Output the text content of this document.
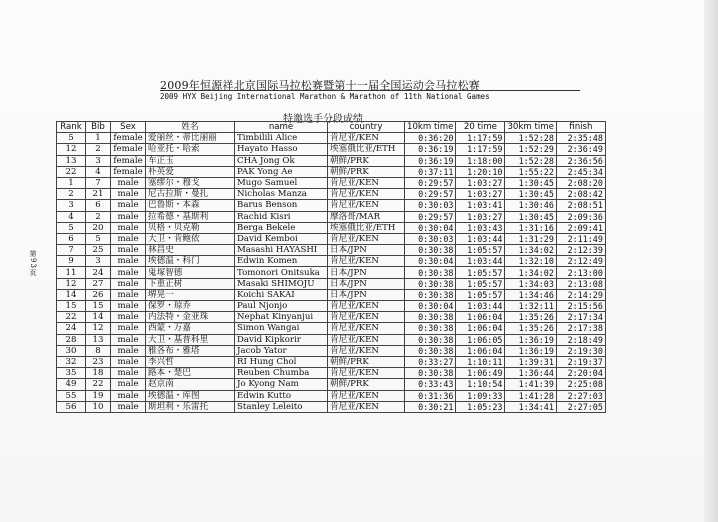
2009年恒源祥北京国际马拉松赛暨第十一届全国运动会马拉松赛
2009 HYX Beijing International Marathon & Marathon of 11th National Games
特邀选手分段成绩
第93页
Rank	Bib	Sex	姓名	name	country	10km time	20 time	30km time	finish
5	1	female	爱丽丝・蒂比丽丽	Timbilili Alice	肯尼亚/KEN	0:36:20	1:17:59	1:52:28	2:35:48
12	2	female	哈亚托・哈索	Hayato Hasso	埃塞俄比亚/ETH	0:36:19	1:17:59	1:52:29	2:36:49
13	3	female	车正玉	CHA Jong Ok	朝鲜/PRK	0:36:19	1:18:00	1:52:28	2:36:56
22	4	female	朴英爱	PAK Yong Ae	朝鲜/PRK	0:37:11	1:20:10	1:55:22	2:45:34
1	7	male	塞缪尔・穆戈	Mugo Samuel	肯尼亚/KEN	0:29:57	1:03:27	1:30:45	2:08:20
2	21	male	尼古拉斯・曼扎	Nicholas Manza	肯尼亚/KEN	0:29:57	1:03:27	1:30:45	2:08:42
3	6	male	巴鲁斯・本森	Barus Benson	肯尼亚/KEN	0:30:03	1:03:41	1:30:46	2:08:51
4	2	male	拉希德・基斯利	Rachid Kisri	摩洛哥/MAR	0:29:57	1:03:27	1:30:45	2:09:36
5	20	male	贝格・贝克勒	Berga Bekele	埃塞俄比亚/ETH	0:30:04	1:03:43	1:31:16	2:09:41
6	5	male	大卫・肯鲍依	David Kemboi	肯尼亚/KEN	0:30:03	1:03:44	1:31:29	2:11:49
7	25	male	林昌史	Masashi HAYASHI	日本/JPN	0:30:38	1:05:57	1:34:02	2:12:39
9	3	male	埃德温・科门	Edwin Komen	肯尼亚/KEN	0:30:04	1:03:44	1:32:10	2:12:49
11	24	male	鬼塚智德	Tomonori Onitsuka	日本/JPN	0:30:38	1:05:57	1:34:02	2:13:00
12	27	male	下重正树	Masaki SHIMOJU	日本/JPN	0:30:38	1:05:57	1:34:03	2:13:08
14	26	male	堺晃一	Koichi SAKAI	日本/JPN	0:30:38	1:05:57	1:34:46	2:14:29
15	15	male	保罗・琼乔	Paul Njonjo	肯尼亚/KEN	0:30:04	1:03:44	1:32:11	2:15:56
22	14	male	内法特・金亚珠	Nephat Kinyanjui	肯尼亚/KEN	0:30:38	1:06:04	1:35:26	2:17:34
24	12	male	西蒙・万嘉	Simon Wangai	肯尼亚/KEN	0:30:38	1:06:04	1:35:26	2:17:38
28	13	male	大卫・基普科里	David Kipkorir	肯尼亚/KEN	0:30:38	1:06:05	1:36:19	2:18:49
30	8	male	雅各布・雅塔	Jacob Yator	肯尼亚/KEN	0:30:38	1:06:04	1:36:19	2:19:30
32	23	male	李兴哲	RI Hung Chol	朝鲜/PRK	0:33:27	1:10:11	1:39:31	2:19:37
35	18	male	路本・楚巴	Reuben Chumba	肯尼亚/KEN	0:30:38	1:06:49	1:36:44	2:20:04
49	22	male	赵京南	Jo Kyong Nam	朝鲜/PRK	0:33:43	1:10:54	1:41:39	2:25:08
55	19	male	埃德温・库图	Edwin Kutto	肯尼亚/KEN	0:31:36	1:09:33	1:41:28	2:27:03
56	10	male	斯坦利・乐雷托	Stanley Leleito	肯尼亚/KEN	0:30:21	1:05:23	1:34:41	2:27:05
